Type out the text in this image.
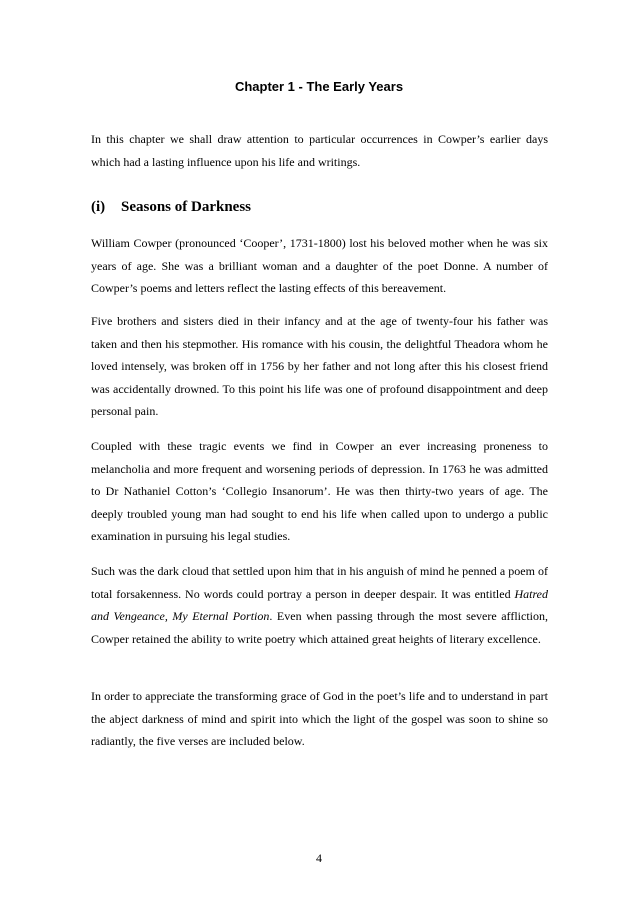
Chapter 1 - The Early Years

In this chapter we shall draw attention to particular occurrences in Cowper’s earlier days which had a lasting influence upon his life and writings.

(i) Seasons of Darkness

William Cowper (pronounced ‘Cooper’, 1731-1800) lost his beloved mother when he was six years of age. She was a brilliant woman and a daughter of the poet Donne. A number of Cowper’s poems and letters reflect the lasting effects of this bereavement.

Five brothers and sisters died in their infancy and at the age of twenty-four his father was taken and then his stepmother. His romance with his cousin, the delightful Theadora whom he loved intensely, was broken off in 1756 by her father and not long after this his closest friend was accidentally drowned. To this point his life was one of profound disappointment and deep personal pain.

Coupled with these tragic events we find in Cowper an ever increasing proneness to melancholia and more frequent and worsening periods of depression. In 1763 he was admitted to Dr Nathaniel Cotton’s ‘Collegio Insanorum’. He was then thirty-two years of age. The deeply troubled young man had sought to end his life when called upon to undergo a public examination in pursuing his legal studies.

Such was the dark cloud that settled upon him that in his anguish of mind he penned a poem of total forsakenness. No words could portray a person in deeper despair. It was entitled Hatred and Vengeance, My Eternal Portion. Even when passing through the most severe affliction, Cowper retained the ability to write poetry which attained great heights of literary excellence.

In order to appreciate the transforming grace of God in the poet’s life and to understand in part the abject darkness of mind and spirit into which the light of the gospel was soon to shine so radiantly, the five verses are included below.

4
